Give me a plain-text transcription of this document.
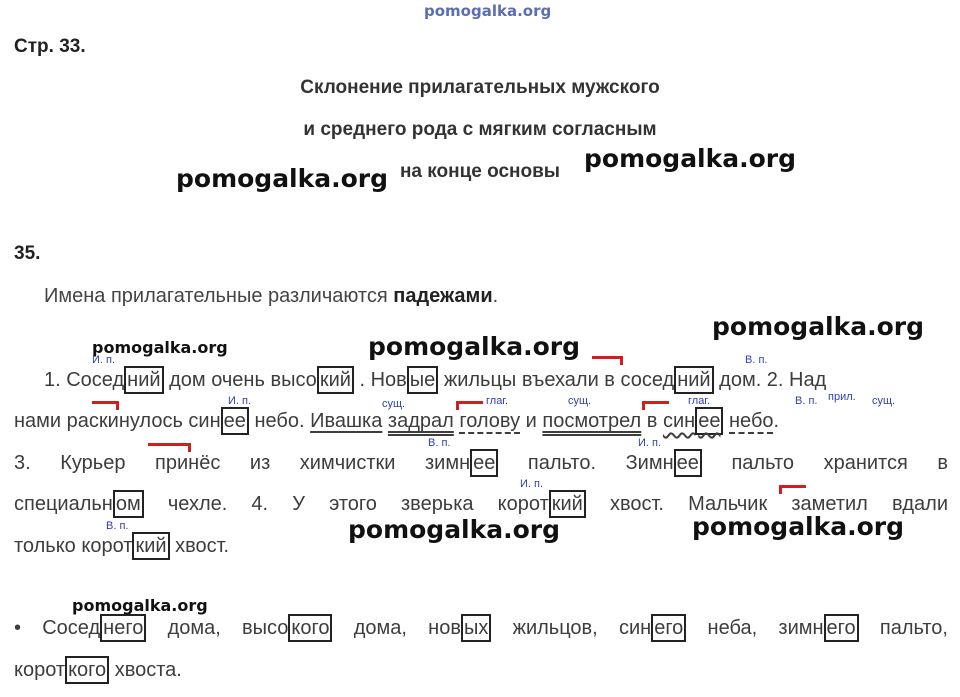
pomogalka.org
Стр. 33.
Склонение прилагательных мужского
и среднего рода с мягким согласным
на конце основы
pomogalka.org
pomogalka.org
35.
Имена прилагательные различаются падежами.
pomogalka.org
pomogalka.org
pomogalka.org
И. п.	В. п.
1. Сосед ний дом очень высо кий . Нов ые жильцы въехали в сосед ний дом. 2. Над
И. п.	сущ.	глаг.	сущ.	глаг.	В. п. прил. сущ.
нами раскинулось син ее небо. Ивашка задрал голову и посмотрел в син ее небо.
В. п.	И. п.
3. Курьер принёс из химчистки зимн ее пальто. Зимн ее пальто хранится в
И. п.
специальн ом чехле. 4. У этого зверька корот кий хвост. Мальчик заметил вдали
pomogalka.org	pomogalka.org
В. п.
только корот кий хвост.
pomogalka.org
• Сосед него дома, высо кого дома, нов ых жильцов, син его неба, зимн его пальто,
корот кого хвоста.
